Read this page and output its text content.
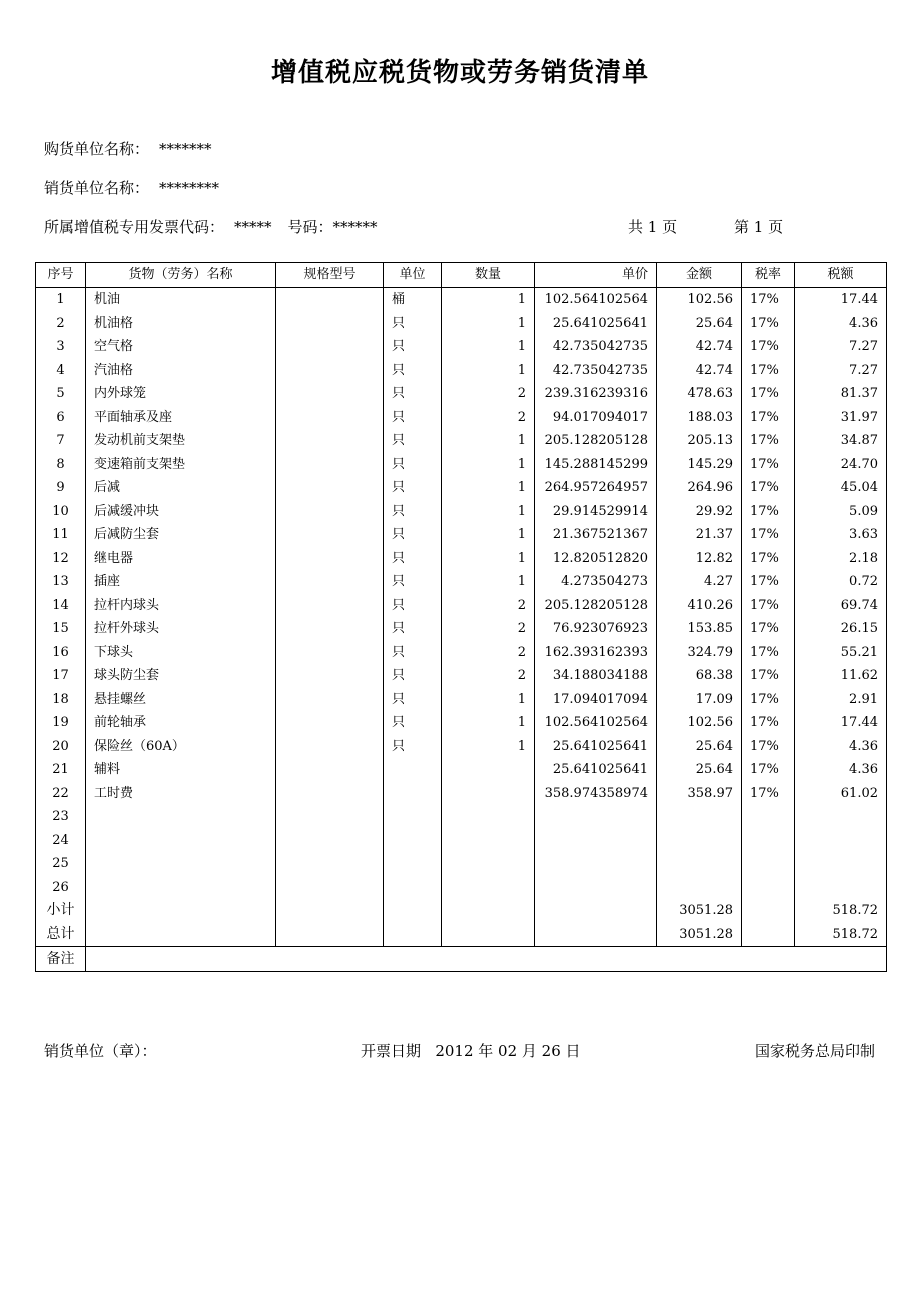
增值税应税货物或劳务销货清单
购货单位名称： *******
销货单位名称： ********
所属增值税专用发票代码： ***** 号码：******	共 1 页	第 1 页
序号	货物（劳务）名称	规格型号	单位	数量	单价	金额	税率	税额
1	机油		桶	1	102.564102564	102.56	17%	17.44
2	机油格		只	1	25.641025641	25.64	17%	4.36
3	空气格		只	1	42.735042735	42.74	17%	7.27
4	汽油格		只	1	42.735042735	42.74	17%	7.27
5	内外球笼		只	2	239.316239316	478.63	17%	81.37
6	平面轴承及座		只	2	94.017094017	188.03	17%	31.97
7	发动机前支架垫		只	1	205.128205128	205.13	17%	34.87
8	变速箱前支架垫		只	1	145.288145299	145.29	17%	24.70
9	后减		只	1	264.957264957	264.96	17%	45.04
10	后减缓冲块		只	1	29.914529914	29.92	17%	5.09
11	后减防尘套		只	1	21.367521367	21.37	17%	3.63
12	继电器		只	1	12.820512820	12.82	17%	2.18
13	插座		只	1	4.273504273	4.27	17%	0.72
14	拉杆内球头		只	2	205.128205128	410.26	17%	69.74
15	拉杆外球头		只	2	76.923076923	153.85	17%	26.15
16	下球头		只	2	162.393162393	324.79	17%	55.21
17	球头防尘套		只	2	34.188034188	68.38	17%	11.62
18	悬挂螺丝		只	1	17.094017094	17.09	17%	2.91
19	前轮轴承		只	1	102.564102564	102.56	17%	17.44
20	保险丝（60A）		只	1	25.641025641	25.64	17%	4.36
21	辅料				25.641025641	25.64	17%	4.36
22	工时费				358.974358974	358.97	17%	61.02
23								
24								
25								
26								
小计						3051.28		518.72
总计						3051.28		518.72
备注								
销货单位（章）：	开票日期 2012 年 02 月 26 日	国家税务总局印制
